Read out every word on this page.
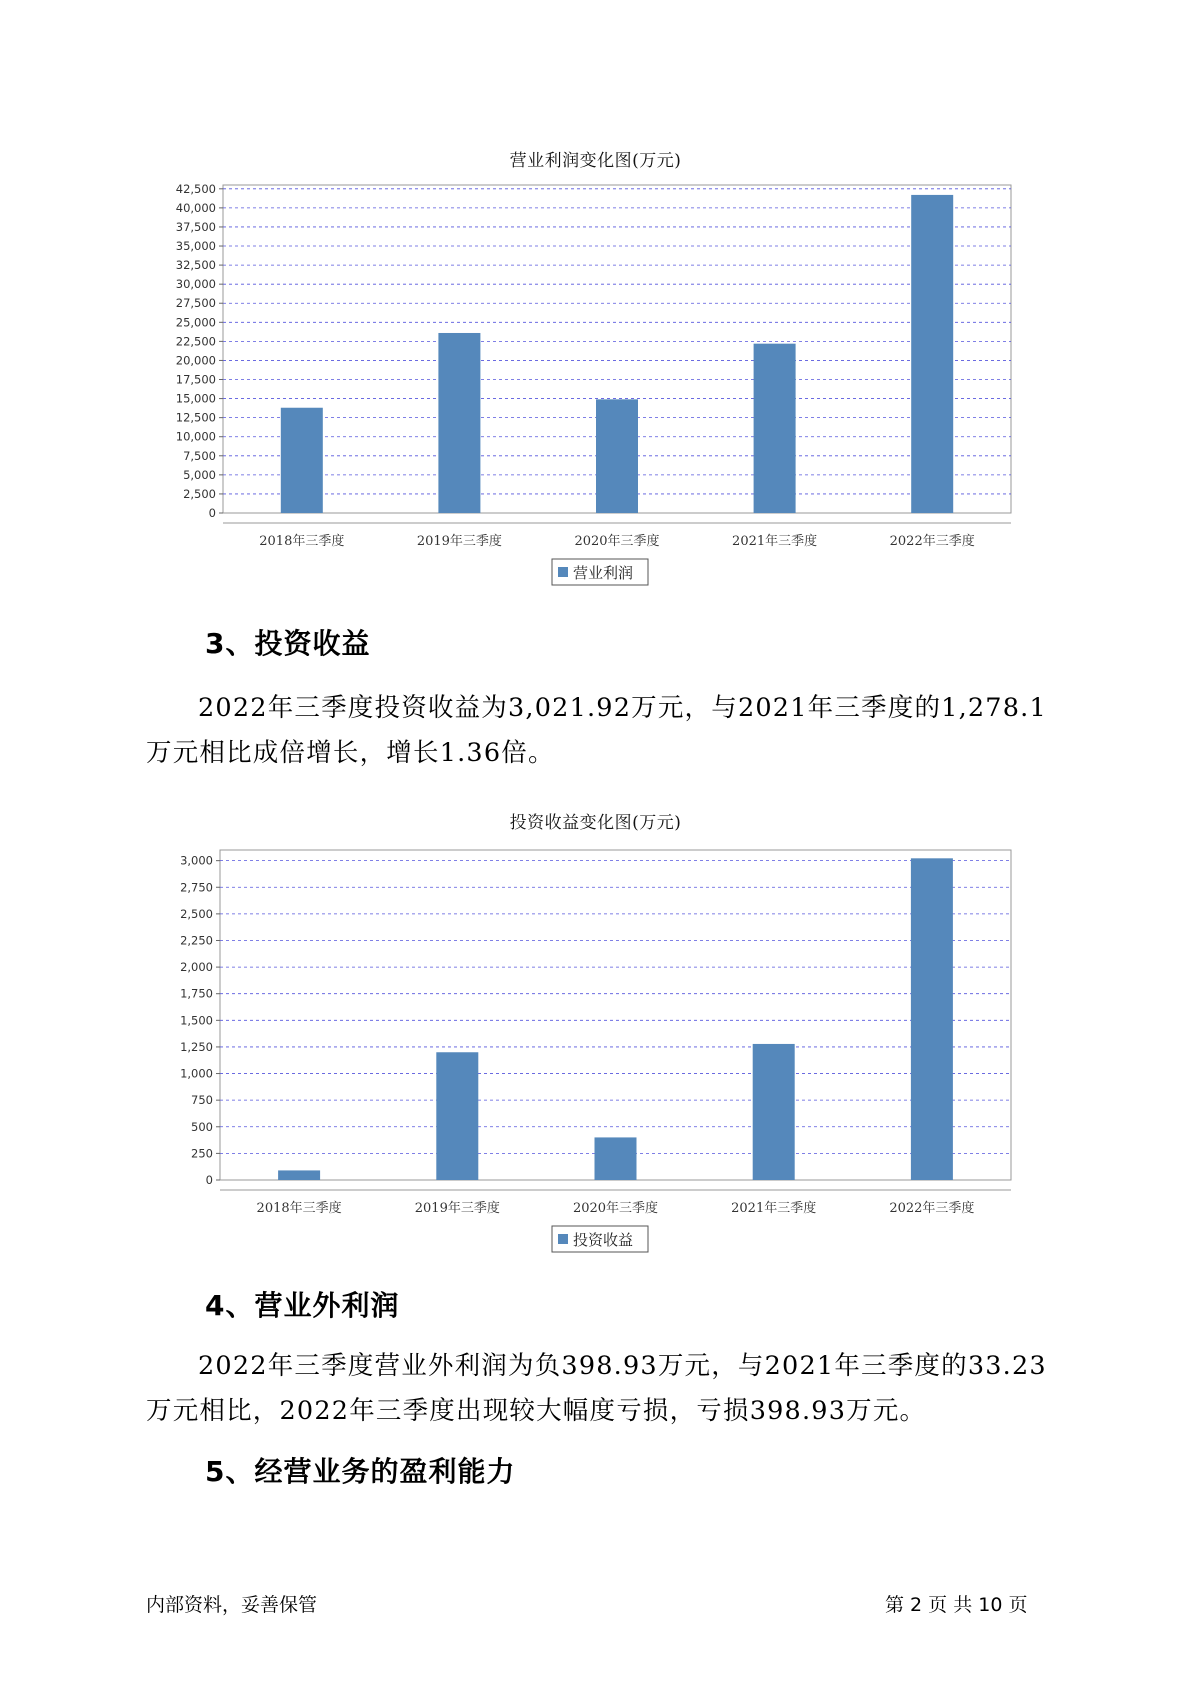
营业利润变化图(万元)
0
2,500
5,000
7,500
10,000
12,500
15,000
17,500
20,000
22,500
25,000
27,500
30,000
32,500
35,000
37,500
40,000
42,500
2018年三季度	2019年三季度	2020年三季度	2021年三季度	2022年三季度
营业利润
3、投资收益
2022年三季度投资收益为3,021.92万元，与2021年三季度的1,278.1万元相比成倍增长，增长1.36倍。
投资收益变化图(万元)
0
250
500
750
1,000
1,250
1,500
1,750
2,000
2,250
2,500
2,750
3,000
2018年三季度	2019年三季度	2020年三季度	2021年三季度	2022年三季度
投资收益
4、营业外利润
2022年三季度营业外利润为负398.93万元，与2021年三季度的33.23万元相比，2022年三季度出现较大幅度亏损，亏损398.93万元。
5、经营业务的盈利能力
内部资料，妥善保管	第 2 页 共 10 页
